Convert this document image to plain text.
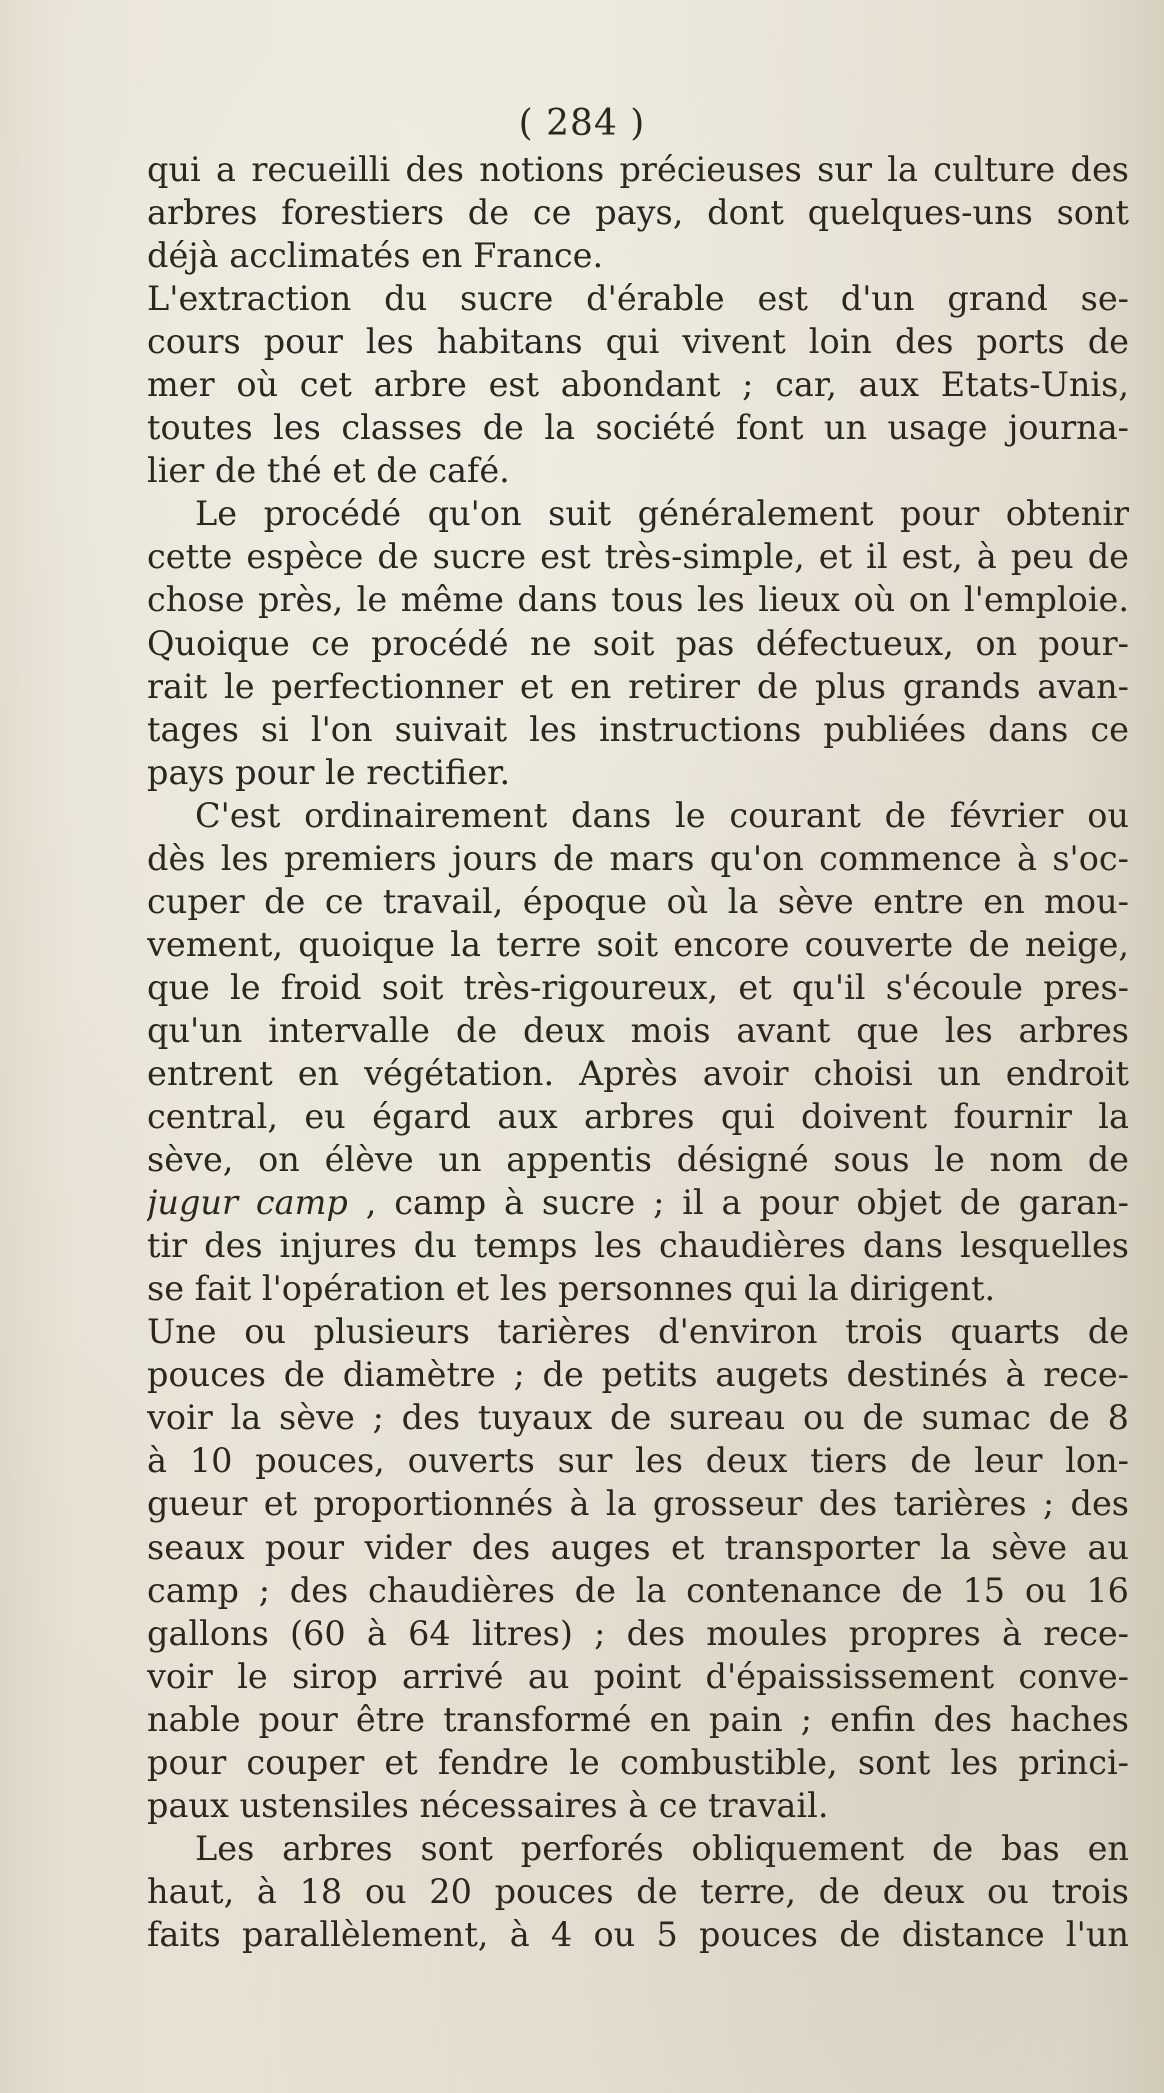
( 284 )
qui a recueilli des notions précieuses sur la culture des
arbres forestiers de ce pays, dont quelques-uns sont
déjà acclimatés en France.
L'extraction du sucre d'érable est d'un grand se-
cours pour les habitans qui vivent loin des ports de
mer où cet arbre est abondant ; car, aux Etats-Unis,
toutes les classes de la société font un usage journa-
lier de thé et de café.
Le procédé qu'on suit généralement pour obtenir
cette espèce de sucre est très-simple, et il est, à peu de
chose près, le même dans tous les lieux où on l'emploie.
Quoique ce procédé ne soit pas défectueux, on pour-
rait le perfectionner et en retirer de plus grands avan-
tages si l'on suivait les instructions publiées dans ce
pays pour le rectifier.
C'est ordinairement dans le courant de février ou
dès les premiers jours de mars qu'on commence à s'oc-
cuper de ce travail, époque où la sève entre en mou-
vement, quoique la terre soit encore couverte de neige,
que le froid soit très-rigoureux, et qu'il s'écoule pres-
qu'un intervalle de deux mois avant que les arbres
entrent en végétation. Après avoir choisi un endroit
central, eu égard aux arbres qui doivent fournir la
sève, on élève un appentis désigné sous le nom de
jugur camp , camp à sucre ; il a pour objet de garan-
tir des injures du temps les chaudières dans lesquelles
se fait l'opération et les personnes qui la dirigent.
Une ou plusieurs tarières d'environ trois quarts de
pouces de diamètre ; de petits augets destinés à rece-
voir la sève ; des tuyaux de sureau ou de sumac de 8
à 10 pouces, ouverts sur les deux tiers de leur lon-
gueur et proportionnés à la grosseur des tarières ; des
seaux pour vider des auges et transporter la sève au
camp ; des chaudières de la contenance de 15 ou 16
gallons (60 à 64 litres) ; des moules propres à rece-
voir le sirop arrivé au point d'épaississement conve-
nable pour être transformé en pain ; enfin des haches
pour couper et fendre le combustible, sont les princi-
paux ustensiles nécessaires à ce travail.
Les arbres sont perforés obliquement de bas en
haut, à 18 ou 20 pouces de terre, de deux ou trois
faits parallèlement, à 4 ou 5 pouces de distance l'un
